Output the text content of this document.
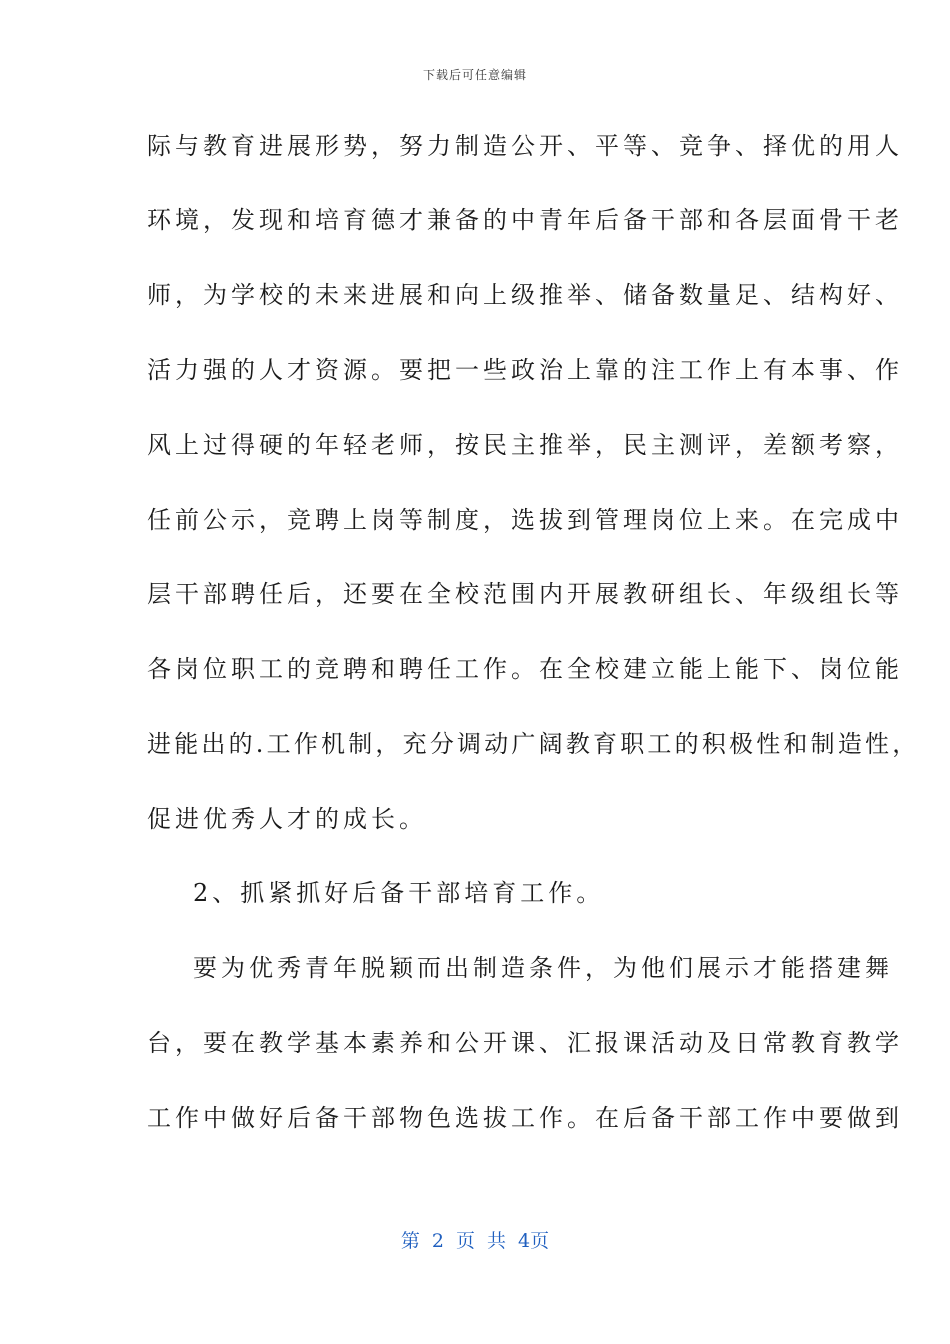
下载后可任意编辑
际与教育进展形势，努力制造公开、平等、竞争、择优的用人
环境，发现和培育德才兼备的中青年后备干部和各层面骨干老
师，为学校的未来进展和向上级推举、储备数量足、结构好、
活力强的人才资源。要把一些政治上靠的注工作上有本事、作
风上过得硬的年轻老师，按民主推举，民主测评，差额考察，
任前公示，竞聘上岗等制度，选拔到管理岗位上来。在完成中
层干部聘任后，还要在全校范围内开展教研组长、年级组长等
各岗位职工的竞聘和聘任工作。在全校建立能上能下、岗位能
进能出的.工作机制，充分调动广阔教育职工的积极性和制造性，
促进优秀人才的成长。
2、抓紧抓好后备干部培育工作。
要为优秀青年脱颖而出制造条件，为他们展示才能搭建舞
台，要在教学基本素养和公开课、汇报课活动及日常教育教学
工作中做好后备干部物色选拔工作。在后备干部工作中要做到
第 2 页 共 4页
